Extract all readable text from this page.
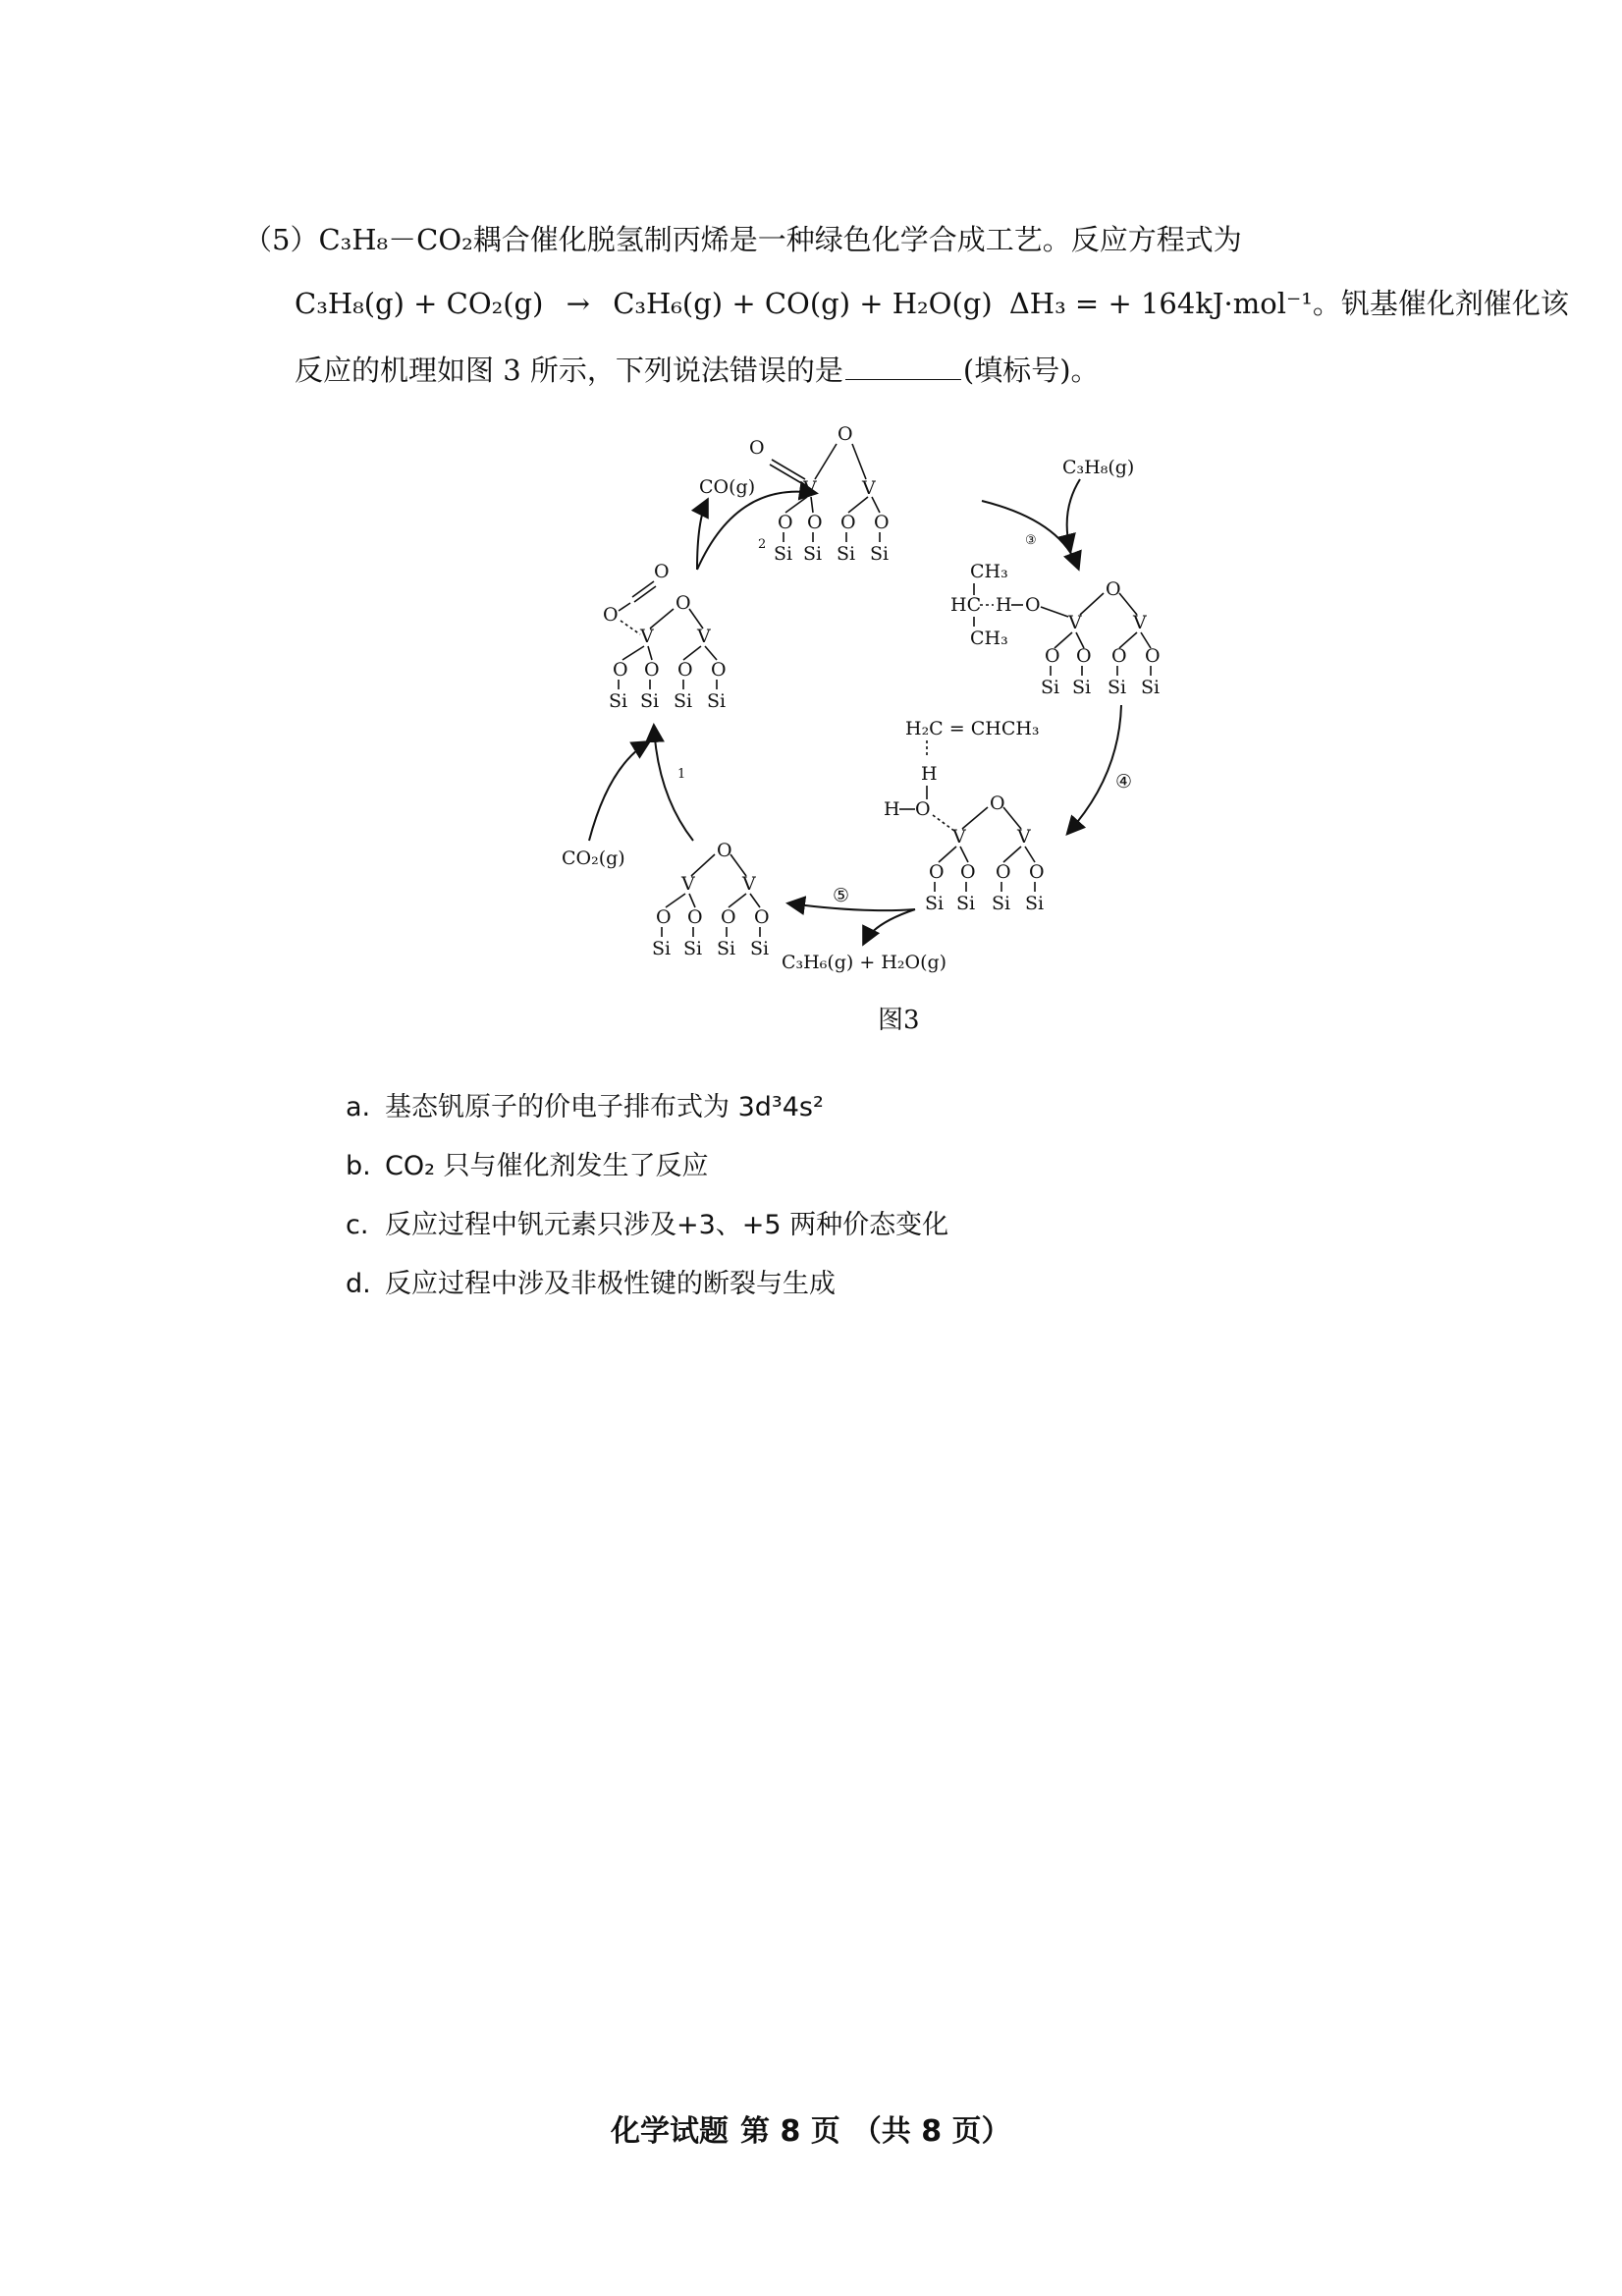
（5）C₃H₈－CO₂耦合催化脱氢制丙烯是一种绿色化学合成工艺。反应方程式为
C₃H₈(g) + CO₂(g) → C₃H₆(g) + CO(g) + H₂O(g) ΔH₃ = + 164kJ·mol⁻¹。钒基催化剂催化该
反应的机理如图 3 所示，下列说法错误的是	(填标号)。
O
O
V V
O O O O
Si Si Si Si
O
O
O
V V
O O O O
Si Si Si Si
CH₃
HC H O
CH₃
O
V	V
O O O O
Si Si Si Si
H₂C = CHCH₃
H
H O	O
V	V
O O O O
Si Si Si Si
O
V	V
O O O O
Si Si Si Si
CO(g)
2
C₃H₈(g)
③
④
⑤
C₃H₆(g) + H₂O(g)
CO₂(g)
1
图3
a. 基态钒原子的价电子排布式为 3d³4s²
b. CO₂ 只与催化剂发生了反应
c. 反应过程中钒元素只涉及+3、+5 两种价态变化
d. 反应过程中涉及非极性键的断裂与生成
化学试题 第 8 页 （共 8 页）
